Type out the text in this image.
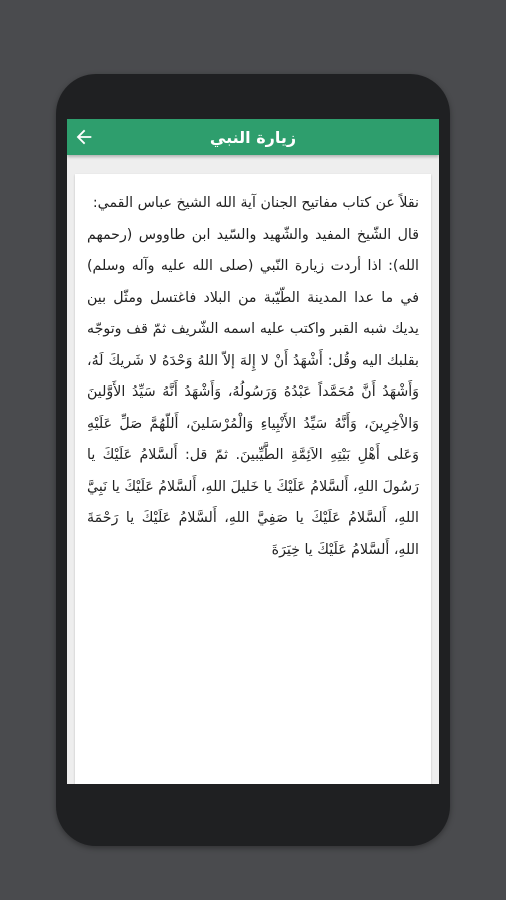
زيارة النبي

نقلاً عن كتاب مفاتيح الجنان آية الله الشيخ عباس القمي:

قال الشّيخ المفيد والشّهيد والسّيد ابن طاووس (رحمهم الله): اذا أردت زيارة النّبي (صلى الله عليه وآله وسلم) في ما عدا المدينة الطّيّبة من البلاد فاغتسل ومثّل بين يديك شبه القبر واكتب عليه اسمه الشّريف ثمّ قف وتوجّه بقلبك اليه وقُل: أَشْهَدُ أَنْ لا إِلهَ إلاّ اللهُ وَحْدَهُ لا شَريكَ لَهُ، وَأَشْهَدُ أَنَّ مُحَمَّداً عَبْدُهُ وَرَسُولُهُ، وَأَشْهَدُ أَنَّهُ سَيِّدُ الأَوَّلينَ وَالاْخِرِينَ، وَأَنَّهُ سَيِّدُ الأَنْبِياءِ وَالْمُرْسَلينَ، أَللّهُمَّ صَلِّ عَلَيْهِ وَعَلى أَهْلِ بَيْتِهِ الاَئِمَّةِ الطَّيِّبينَ. ثمّ قل: أَلسَّلامُ عَلَيْكَ يا رَسُولَ اللهِ، أَلسَّلامُ عَلَيْكَ يا خَليلَ اللهِ، أَلسَّلامُ عَلَيْكَ يا نَبِيَّ اللهِ، أَلسَّلامُ عَلَيْكَ يا صَفِيَّ اللهِ، أَلسَّلامُ عَلَيْكَ يا رَحْمَةَ اللهِ، أَلسَّلامُ عَلَيْكَ يا خِيَرَةَ
